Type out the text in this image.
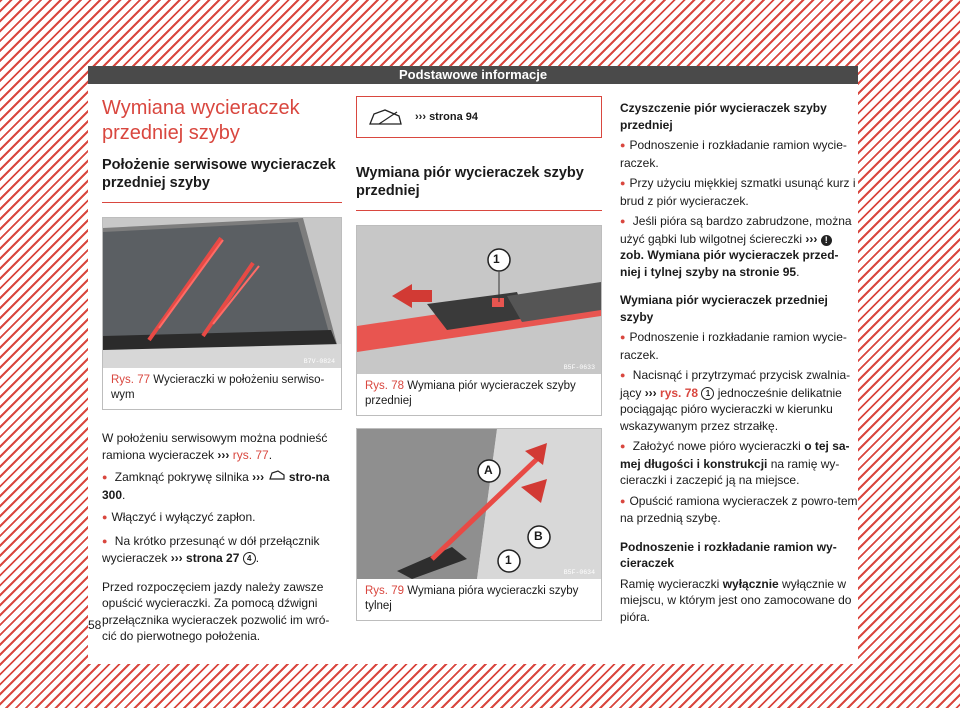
Podstawowe informacje
Wymiana wycieraczek przedniej szyby
Położenie serwisowe wycieraczek przedniej szyby
B7V-0824
Rys. 77 Wycieraczki w położeniu serwiso-wym

W położeniu serwisowym można podnieść ramiona wycieraczek ››› rys. 77.

● Zamknąć pokrywę silnika ›››  stro-na 300.

● Włączyć i wyłączyć zapłon.

● Na krótko przesunąć w dół przełącznik wycieraczek ››› strona 27 4 .

Przed rozpoczęciem jazdy należy zawsze opuścić wycieraczki. Za pomocą dźwigni przełącznika wycieraczek pozwolić im wró-cić do pierwotnego położenia.

›››
strona 94
Wymiana piór wycieraczek szyby przedniej
B5F-0633
1
Rys. 78 Wymiana piór wycieraczek szyby przedniej
A
B
1
B5F-0634
Rys. 79 Wymiana pióra wycieraczki szyby tylnej

Czyszczenie piór wycieraczek szyby przedniej

● Podnoszenie i rozkładanie ramion wycie-raczek.

● Przy użyciu miękkiej szmatki usunąć kurz i brud z piór wycieraczek.

● Jeśli pióra są bardzo zabrudzone, można użyć gąbki lub wilgotnej ściereczki ››› ! zob. Wymiana piór wycieraczek przed-niej i tylnej szyby na stronie 95.

Wymiana piór wycieraczek przedniej szyby

● Podnoszenie i rozkładanie ramion wycie-raczek.

● Nacisnąć i przytrzymać przycisk zwalnia-jący ››› rys. 78 1 jednocześnie delikatnie pociągając pióro wycieraczki w kierunku wskazywanym przez strzałkę.

● Założyć nowe pióro wycieraczki o tej sa-mej długości i konstrukcji na ramię wy-cieraczki i zaczepić ją na miejsce.

● Opuścić ramiona wycieraczek z powro-tem na przednią szybę.

Podnoszenie i rozkładanie ramion wy-cieraczek

Ramię wycieraczki wyłącznie wyłącznie w miejscu, w którym jest ono zamocowane do pióra.

58
